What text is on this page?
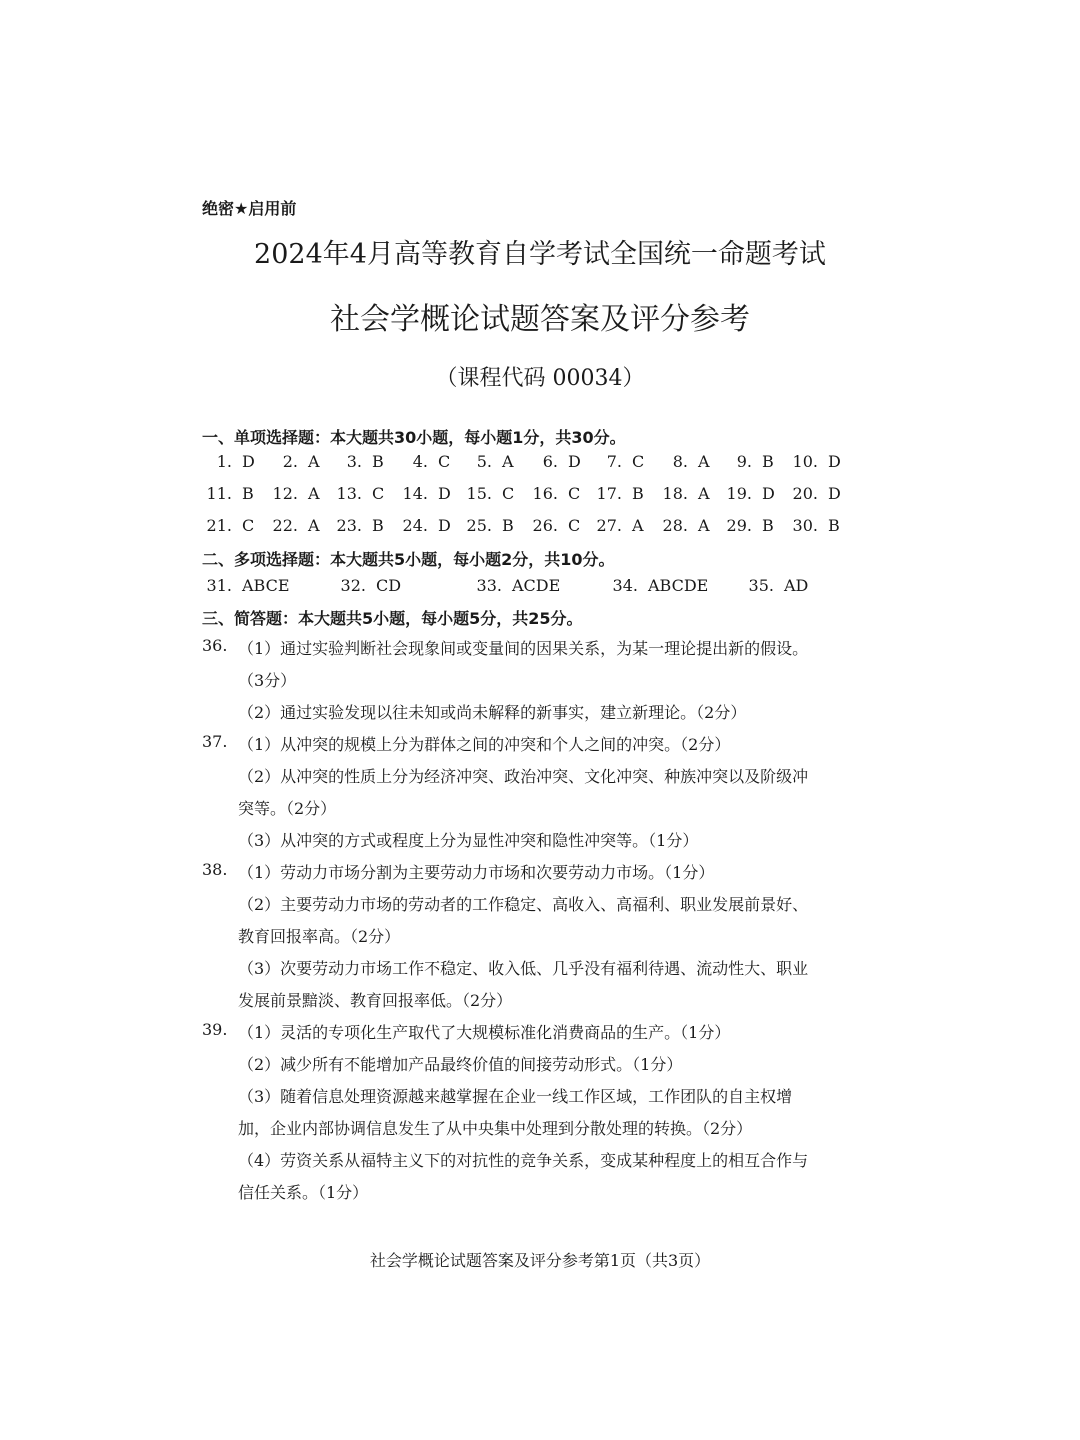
绝密★启用前
2024年4月高等教育自学考试全国统一命题考试
社会学概论试题答案及评分参考
（课程代码 00034）
一、单项选择题：本大题共30小题，每小题1分，共30分。
1. D	2. A	3. B	4. C	5. A	6. D	7. C	8. A	9. B 10. D
11. B 12. A 13. C 14. D 15. C 16. C 17. B 18. A 19. D 20. D
21. C 22. A 23. B 24. D 25. B 26. C 27. A 28. A 29. B 30. B
二、多项选择题：本大题共5小题，每小题2分，共10分。
31. ABCE	32. CD	33. ACDE	34. ABCDE	35. AD
三、简答题：本大题共5小题，每小题5分，共25分。
36. （1）通过实验判断社会现象间或变量间的因果关系，为某一理论提出新的假设。
（3分）
（2）通过实验发现以往未知或尚未解释的新事实，建立新理论。（2分）
37. （1）从冲突的规模上分为群体之间的冲突和个人之间的冲突。（2分）
（2）从冲突的性质上分为经济冲突、政治冲突、文化冲突、种族冲突以及阶级冲
突等。（2分）
（3）从冲突的方式或程度上分为显性冲突和隐性冲突等。（1分）
38. （1）劳动力市场分割为主要劳动力市场和次要劳动力市场。（1分）
（2）主要劳动力市场的劳动者的工作稳定、高收入、高福利、职业发展前景好、
教育回报率高。（2分）
（3）次要劳动力市场工作不稳定、收入低、几乎没有福利待遇、流动性大、职业
发展前景黯淡、教育回报率低。（2分）
39. （1）灵活的专项化生产取代了大规模标准化消费商品的生产。（1分）
（2）减少所有不能增加产品最终价值的间接劳动形式。（1分）
（3）随着信息处理资源越来越掌握在企业一线工作区域，工作团队的自主权增
加，企业内部协调信息发生了从中央集中处理到分散处理的转换。（2分）
（4）劳资关系从福特主义下的对抗性的竞争关系，变成某种程度上的相互合作与
信任关系。（1分）
社会学概论试题答案及评分参考第1页（共3页）
